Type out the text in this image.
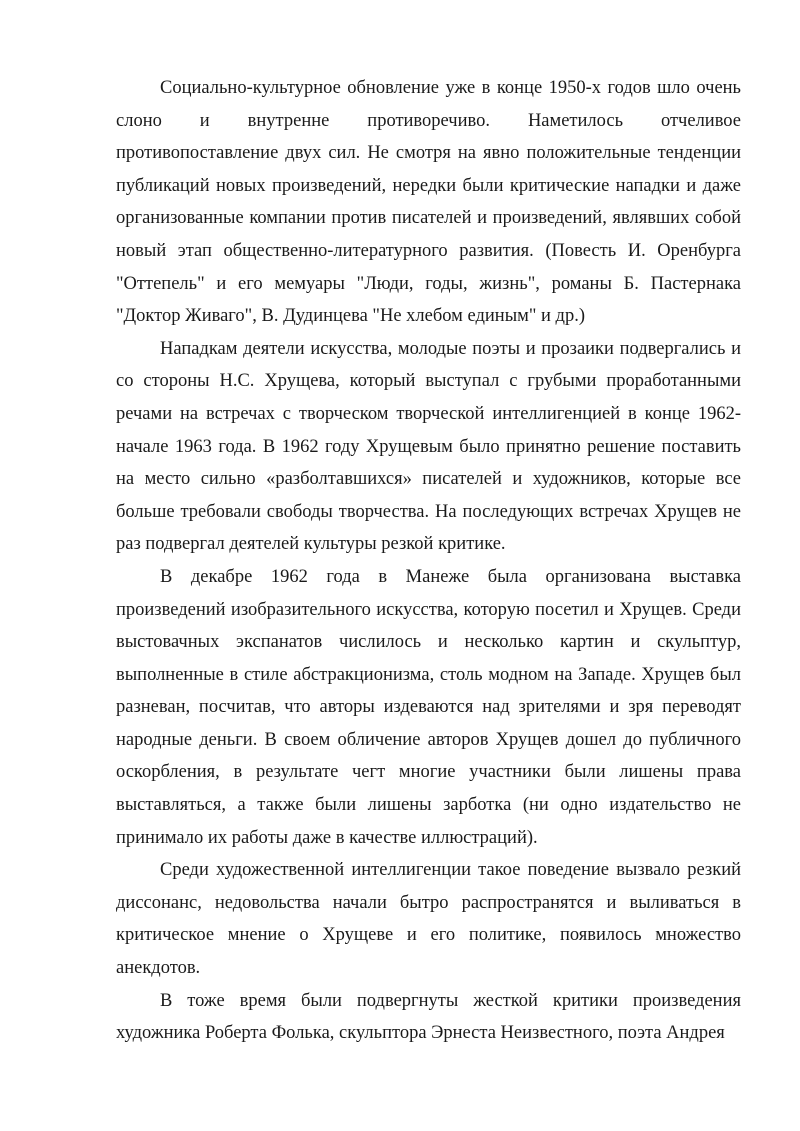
Социально-культурное обновление уже в конце 1950-х годов шло очень слоно и внутренне противоречиво. Наметилось отчеливое противопоставление двух сил. Не смотря на явно положительные тенденции публикаций новых произведений, нередки были критические нападки и даже организованные компании против писателей и произведений, являвших собой новый этап общественно-литературного развития. (Повесть И. Оренбурга "Оттепель" и его мемуары "Люди, годы, жизнь", романы Б. Пастернака "Доктор Живаго", В. Дудинцева "Не хлебом единым" и др.)

Нападкам деятели искусства, молодые поэты и прозаики подвергались и со стороны Н.С. Хрущева, который выступал с грубыми проработанными речами на встречах с творческом творческой интеллигенцией в конце 1962-начале 1963 года. В 1962 году Хрущевым было принятно решение поставить на место сильно «разболтавшихся» писателей и художников, которые все больше требовали свободы творчества. На последующих встречах Хрущев не раз подвергал деятелей культуры резкой критике.

В декабре 1962 года в Манеже была организована выставка произведений изобразительного искусства, которую посетил и Хрущев. Среди выстовачных экспанатов числилось и несколько картин и скульптур, выполненные в стиле абстракционизма, столь модном на Западе. Хрущев был разневан, посчитав, что авторы издеваются над зрителями и зря переводят народные деньги. В своем обличение авторов Хрущев дошел до публичного оскорбления, в результате чегт многие участники были лишены права выставляться, а также были лишены зарботка (ни одно издательство не принимало их работы даже в качестве иллюстраций).

Среди художественной интеллигенции такое поведение вызвало резкий диссонанс, недовольства начали бытро распространятся и выливаться в критическое мнение о Хрущеве и его политике, появилось множество анекдотов.

В тоже время были подвергнуты жесткой критики произведения художника Роберта Фолька, скульптора Эрнеста Неизвестного, поэта Андрея
